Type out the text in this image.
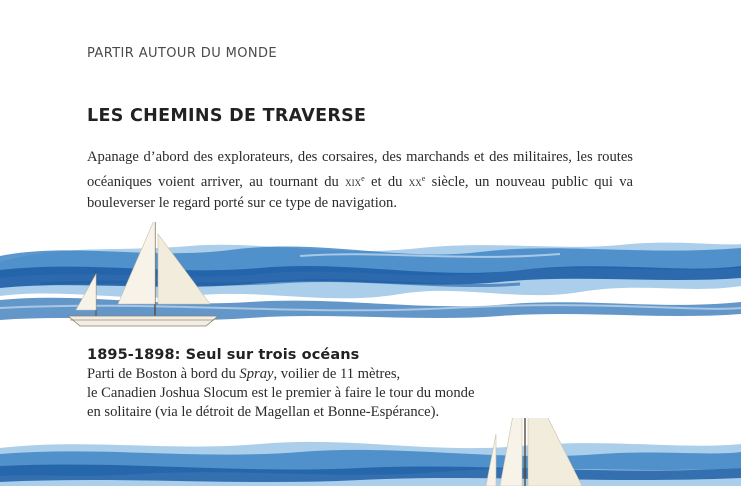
PARTIR AUTOUR DU MONDE
LES CHEMINS DE TRAVERSE

Apanage d’abord des explorateurs, des corsaires, des marchands et des militaires, les routes océaniques voient arriver, au tournant du xix$^e$ et du $xx^e$ siècle, un nouveau public qui va bouleverser le regard porté sur ce type de navigation.

1895-1898: Seul sur trois océans

Parti de Boston à bord du Spray, voilier de 11 mètres,
le Canadien Joshua Slocum est le premier à faire le tour du monde
en solitaire (via le détroit de Magellan et Bonne-Espérance).
